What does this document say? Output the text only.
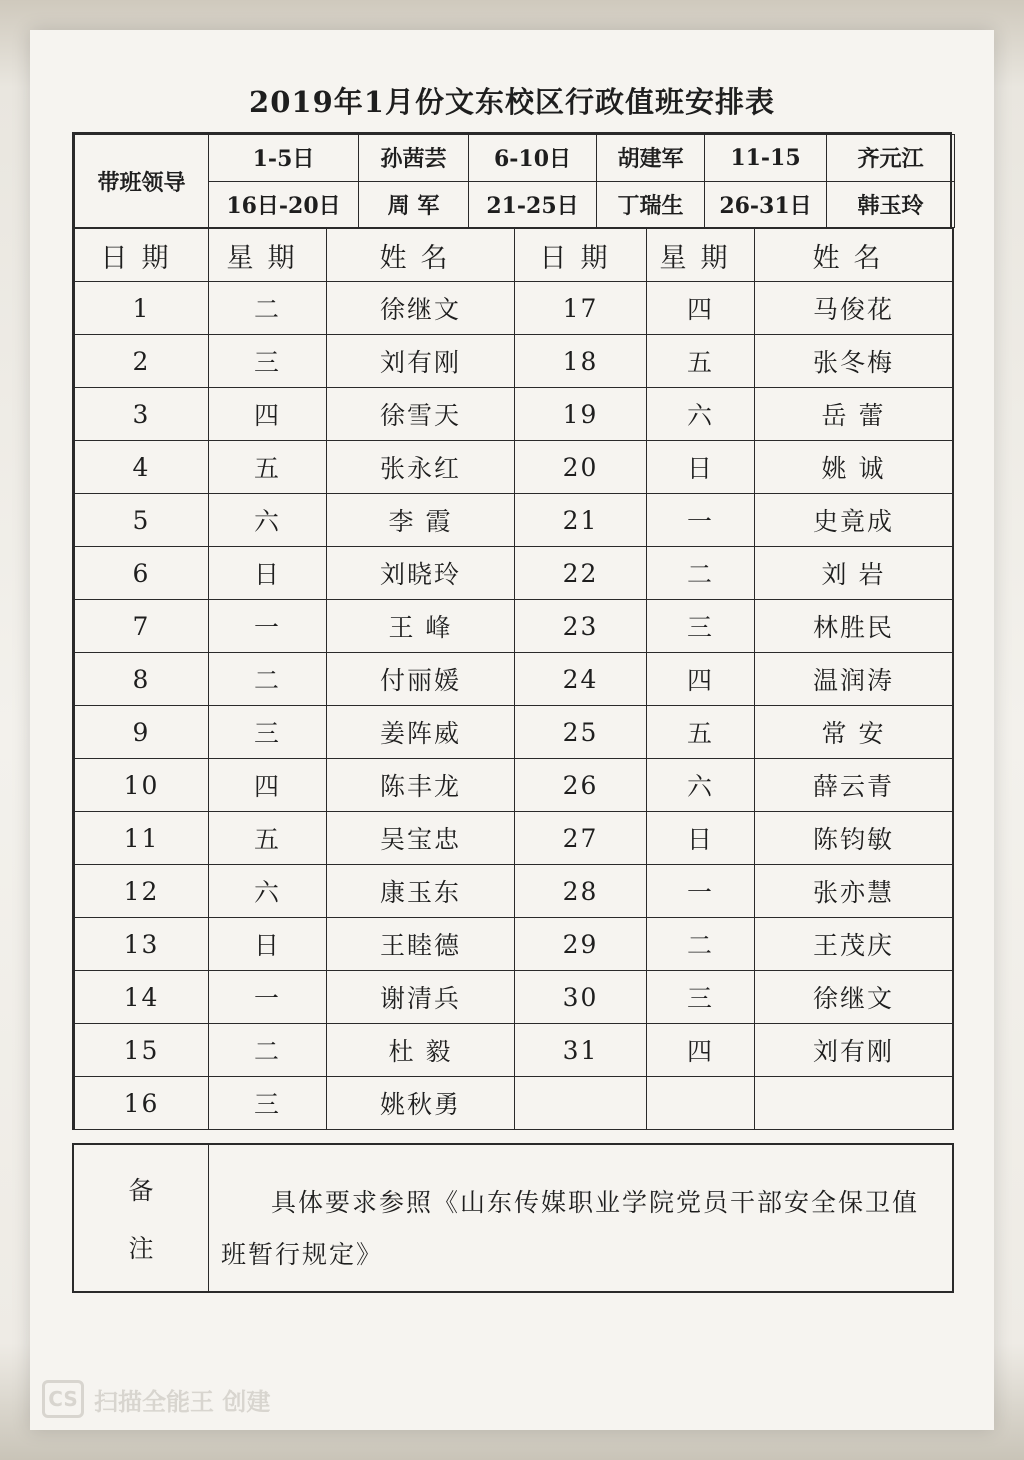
2019年1月份文东校区行政值班安排表
带班领导	1-5日	孙茜芸	6-10日	胡建军	11-15	齐元江
	16日-20日	周 军	21-25日	丁瑞生	26-31日	韩玉玲
日期	星期	姓名	日期	星期	姓名
1	二	徐继文	17	四	马俊花
2	三	刘有刚	18	五	张冬梅
3	四	徐雪天	19	六	岳 蕾
4	五	张永红	20	日	姚 诚
5	六	李 霞	21	一	史竟成
6	日	刘晓玲	22	二	刘 岩
7	一	王 峰	23	三	林胜民
8	二	付丽媛	24	四	温润涛
9	三	姜阵威	25	五	常 安
10	四	陈丰龙	26	六	薛云青
11	五	吴宝忠	27	日	陈钧敏
12	六	康玉东	28	一	张亦慧
13	日	王睦德	29	二	王茂庆
14	一	谢清兵	30	三	徐继文
15	二	杜 毅	31	四	刘有刚
16	三	姚秋勇			
备
注
具体要求参照《山东传媒职业学院党员干部安全保卫值班暂行规定》
CS 扫描全能王 创建
